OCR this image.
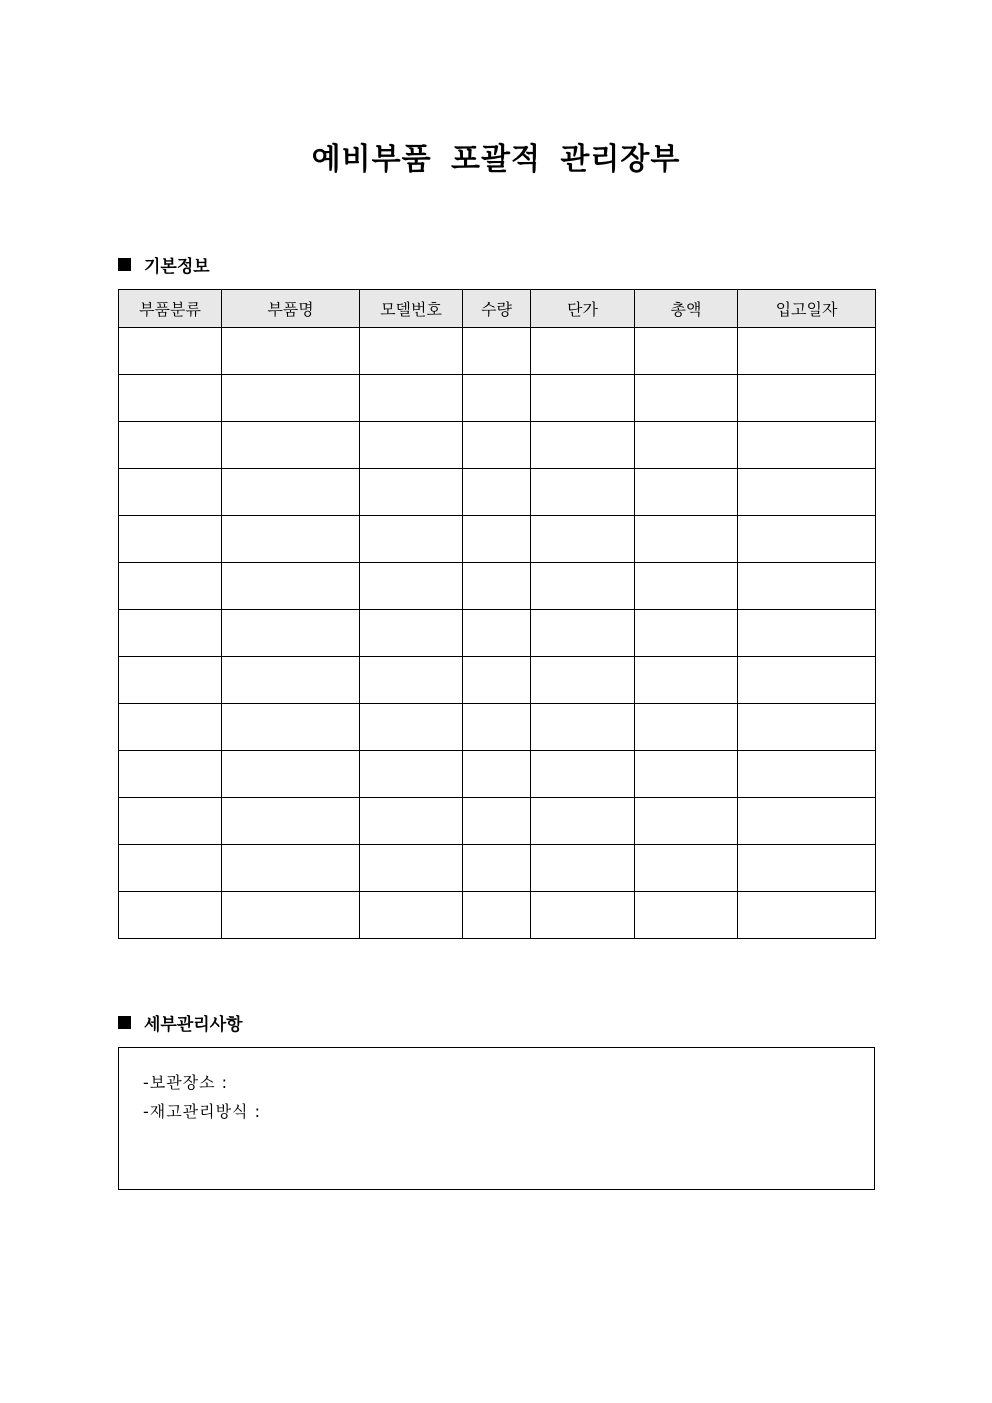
예비부품 포괄적 관리장부
기본정보
부품분류	부품명	모델번호	수량	단가	총액	입고일자

세부관리사항
-보관장소 :
-재고관리방식 :
